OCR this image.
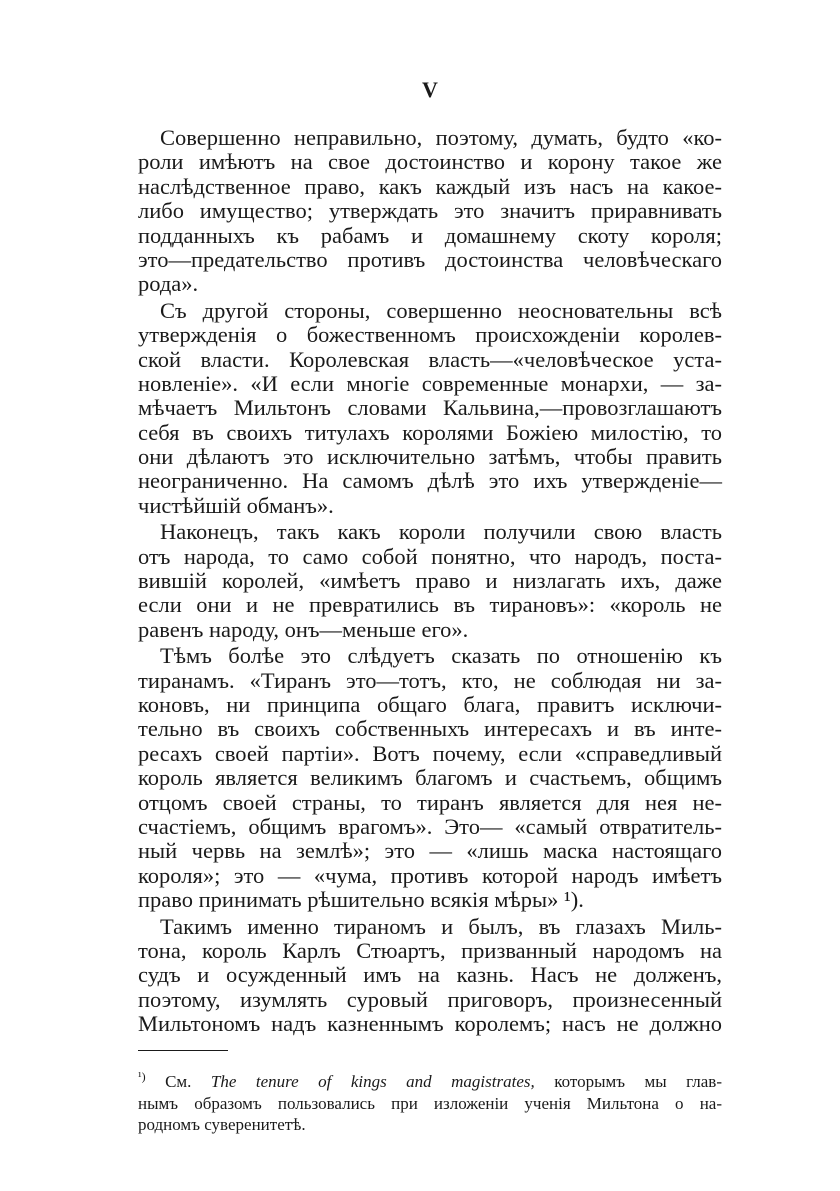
V
Совершенно неправильно, поэтому, думать, будто «ко-
роли имѣютъ на свое достоинство и корону такое же
наслѣдственное право, какъ каждый изъ насъ на какое-
либо имущество; утверждать это значитъ приравнивать
подданныхъ къ рабамъ и домашнему скоту короля;
это—предательство противъ достоинства человѣческаго
рода».
Съ другой стороны, совершенно неосновательны всѣ
утвержденія о божественномъ происхожденіи королев-
ской власти. Королевская власть—«человѣческое уста-
новленіе». «И если многіе современные монархи, — за-
мѣчаетъ Мильтонъ словами Кальвина,—провозглашаютъ
себя въ своихъ титулахъ королями Божіею милостію, то
они дѣлаютъ это исключительно затѣмъ, чтобы править
неограниченно. На самомъ дѣлѣ это ихъ утвержденіе—
чистѣйшій обманъ».
Наконецъ, такъ какъ короли получили свою власть
отъ народа, то само собой понятно, что народъ, поста-
вившій королей, «имѣетъ право и низлагать ихъ, даже
если они и не превратились въ тирановъ»: «король не
равенъ народу, онъ—меньше его».
Тѣмъ болѣе это слѣдуетъ сказать по отношенію къ
тиранамъ. «Тиранъ это—тотъ, кто, не соблюдая ни за-
коновъ, ни принципа общаго блага, правитъ исключи-
тельно въ своихъ собственныхъ интересахъ и въ инте-
ресахъ своей партіи». Вотъ почему, если «справедливый
король является великимъ благомъ и счастьемъ, общимъ
отцомъ своей страны, то тиранъ является для нея не-
счастіемъ, общимъ врагомъ». Это— «самый отвратитель-
ный червь на землѣ»; это — «лишь маска настоящаго
короля»; это — «чума, противъ которой народъ имѣетъ
право принимать рѣшительно всякія мѣры» ¹).
Такимъ именно тираномъ и былъ, въ глазахъ Миль-
тона, король Карлъ Стюартъ, призванный народомъ на
судъ и осужденный имъ на казнь. Насъ не долженъ,
поэтому, изумлять суровый приговоръ, произнесенный
Мильтономъ надъ казненнымъ королемъ; насъ не должно
$^{^1)}$ См. The tenure of kings and magistrates, которымъ мы глав-
нымъ образомъ пользовались при изложеніи ученія Мильтона о на-
родномъ суверенитетѣ.
